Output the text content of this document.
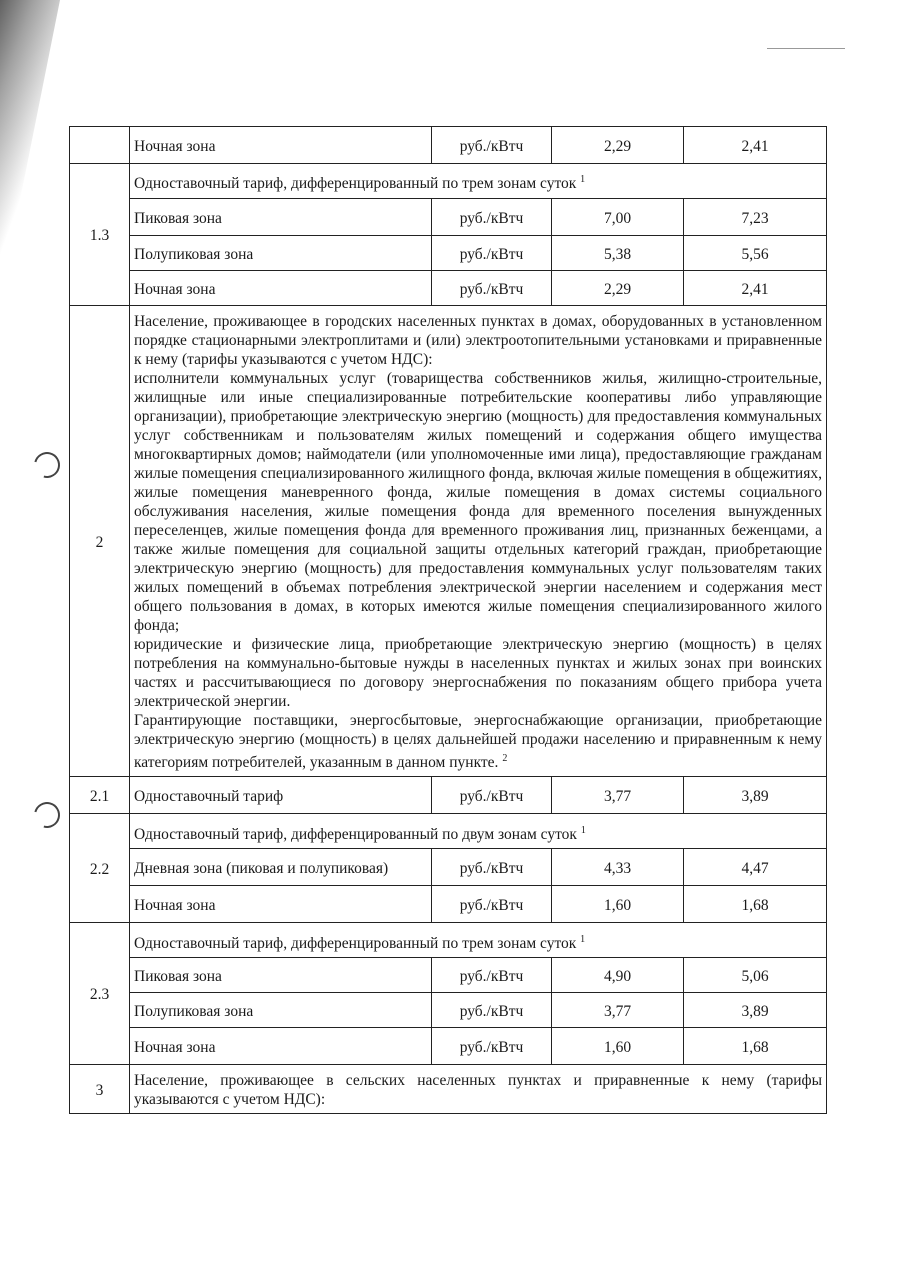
	Ночная зона	руб./кВтч	2,29	2,41
1.3	Одноставочный тариф, дифференцированный по трем зонам суток $^1$
	Пиковая зона	руб./кВтч	7,00	7,23
	Полупиковая зона	руб./кВтч	5,38	5,56
	Ночная зона	руб./кВтч	2,29	2,41
2	Население, проживающее в городских населенных пунктах в домах, оборудованных в установленном порядке стационарными электроплитами и (или) электроотопительными установками и приравненные к нему (тарифы указываются с учетом НДС):

исполнители коммунальных услуг (товарищества собственников жилья, жилищно-строительные, жилищные или иные специализированные потребительские кооперативы либо управляющие организации), приобретающие электрическую энергию (мощность) для предоставления коммунальных услуг собственникам и пользователям жилых помещений и содержания общего имущества многоквартирных домов; наймодатели (или уполномоченные ими лица), предоставляющие гражданам жилые помещения специализированного жилищного фонда, включая жилые помещения в общежитиях, жилые помещения маневренного фонда, жилые помещения в домах системы социального обслуживания населения, жилые помещения фонда для временного поселения вынужденных переселенцев, жилые помещения фонда для временного проживания лиц, признанных беженцами, а также жилые помещения для социальной защиты отдельных категорий граждан, приобретающие электрическую энергию (мощность) для предоставления коммунальных услуг пользователям таких жилых помещений в объемах потребления электрической энергии населением и содержания мест общего пользования в домах, в которых имеются жилые помещения специализированного жилого фонда;

юридические и физические лица, приобретающие электрическую энергию (мощность) в целях потребления на коммунально-бытовые нужды в населенных пунктах и жилых зонах при воинских частях и рассчитывающиеся по договору энергоснабжения по показаниям общего прибора учета электрической энергии.

Гарантирующие поставщики, энергосбытовые, энергоснабжающие организации, приобретающие электрическую энергию (мощность) в целях дальнейшей продажи населению и приравненным к нему категориям потребителей, указанным в данном пункте. $^2$

2.1	Одноставочный тариф	руб./кВтч	3,77	3,89
2.2	Одноставочный тариф, дифференцированный по двум зонам суток $^1$
	Дневная зона (пиковая и полупиковая)	руб./кВтч	4,33	4,47
	Ночная зона	руб./кВтч	1,60	1,68
2.3	Одноставочный тариф, дифференцированный по трем зонам суток $^1$
	Пиковая зона	руб./кВтч	4,90	5,06
	Полупиковая зона	руб./кВтч	3,77	3,89
	Ночная зона	руб./кВтч	1,60	1,68
3	Население, проживающее в сельских населенных пунктах и приравненные к нему (тарифы указываются с учетом НДС):			
